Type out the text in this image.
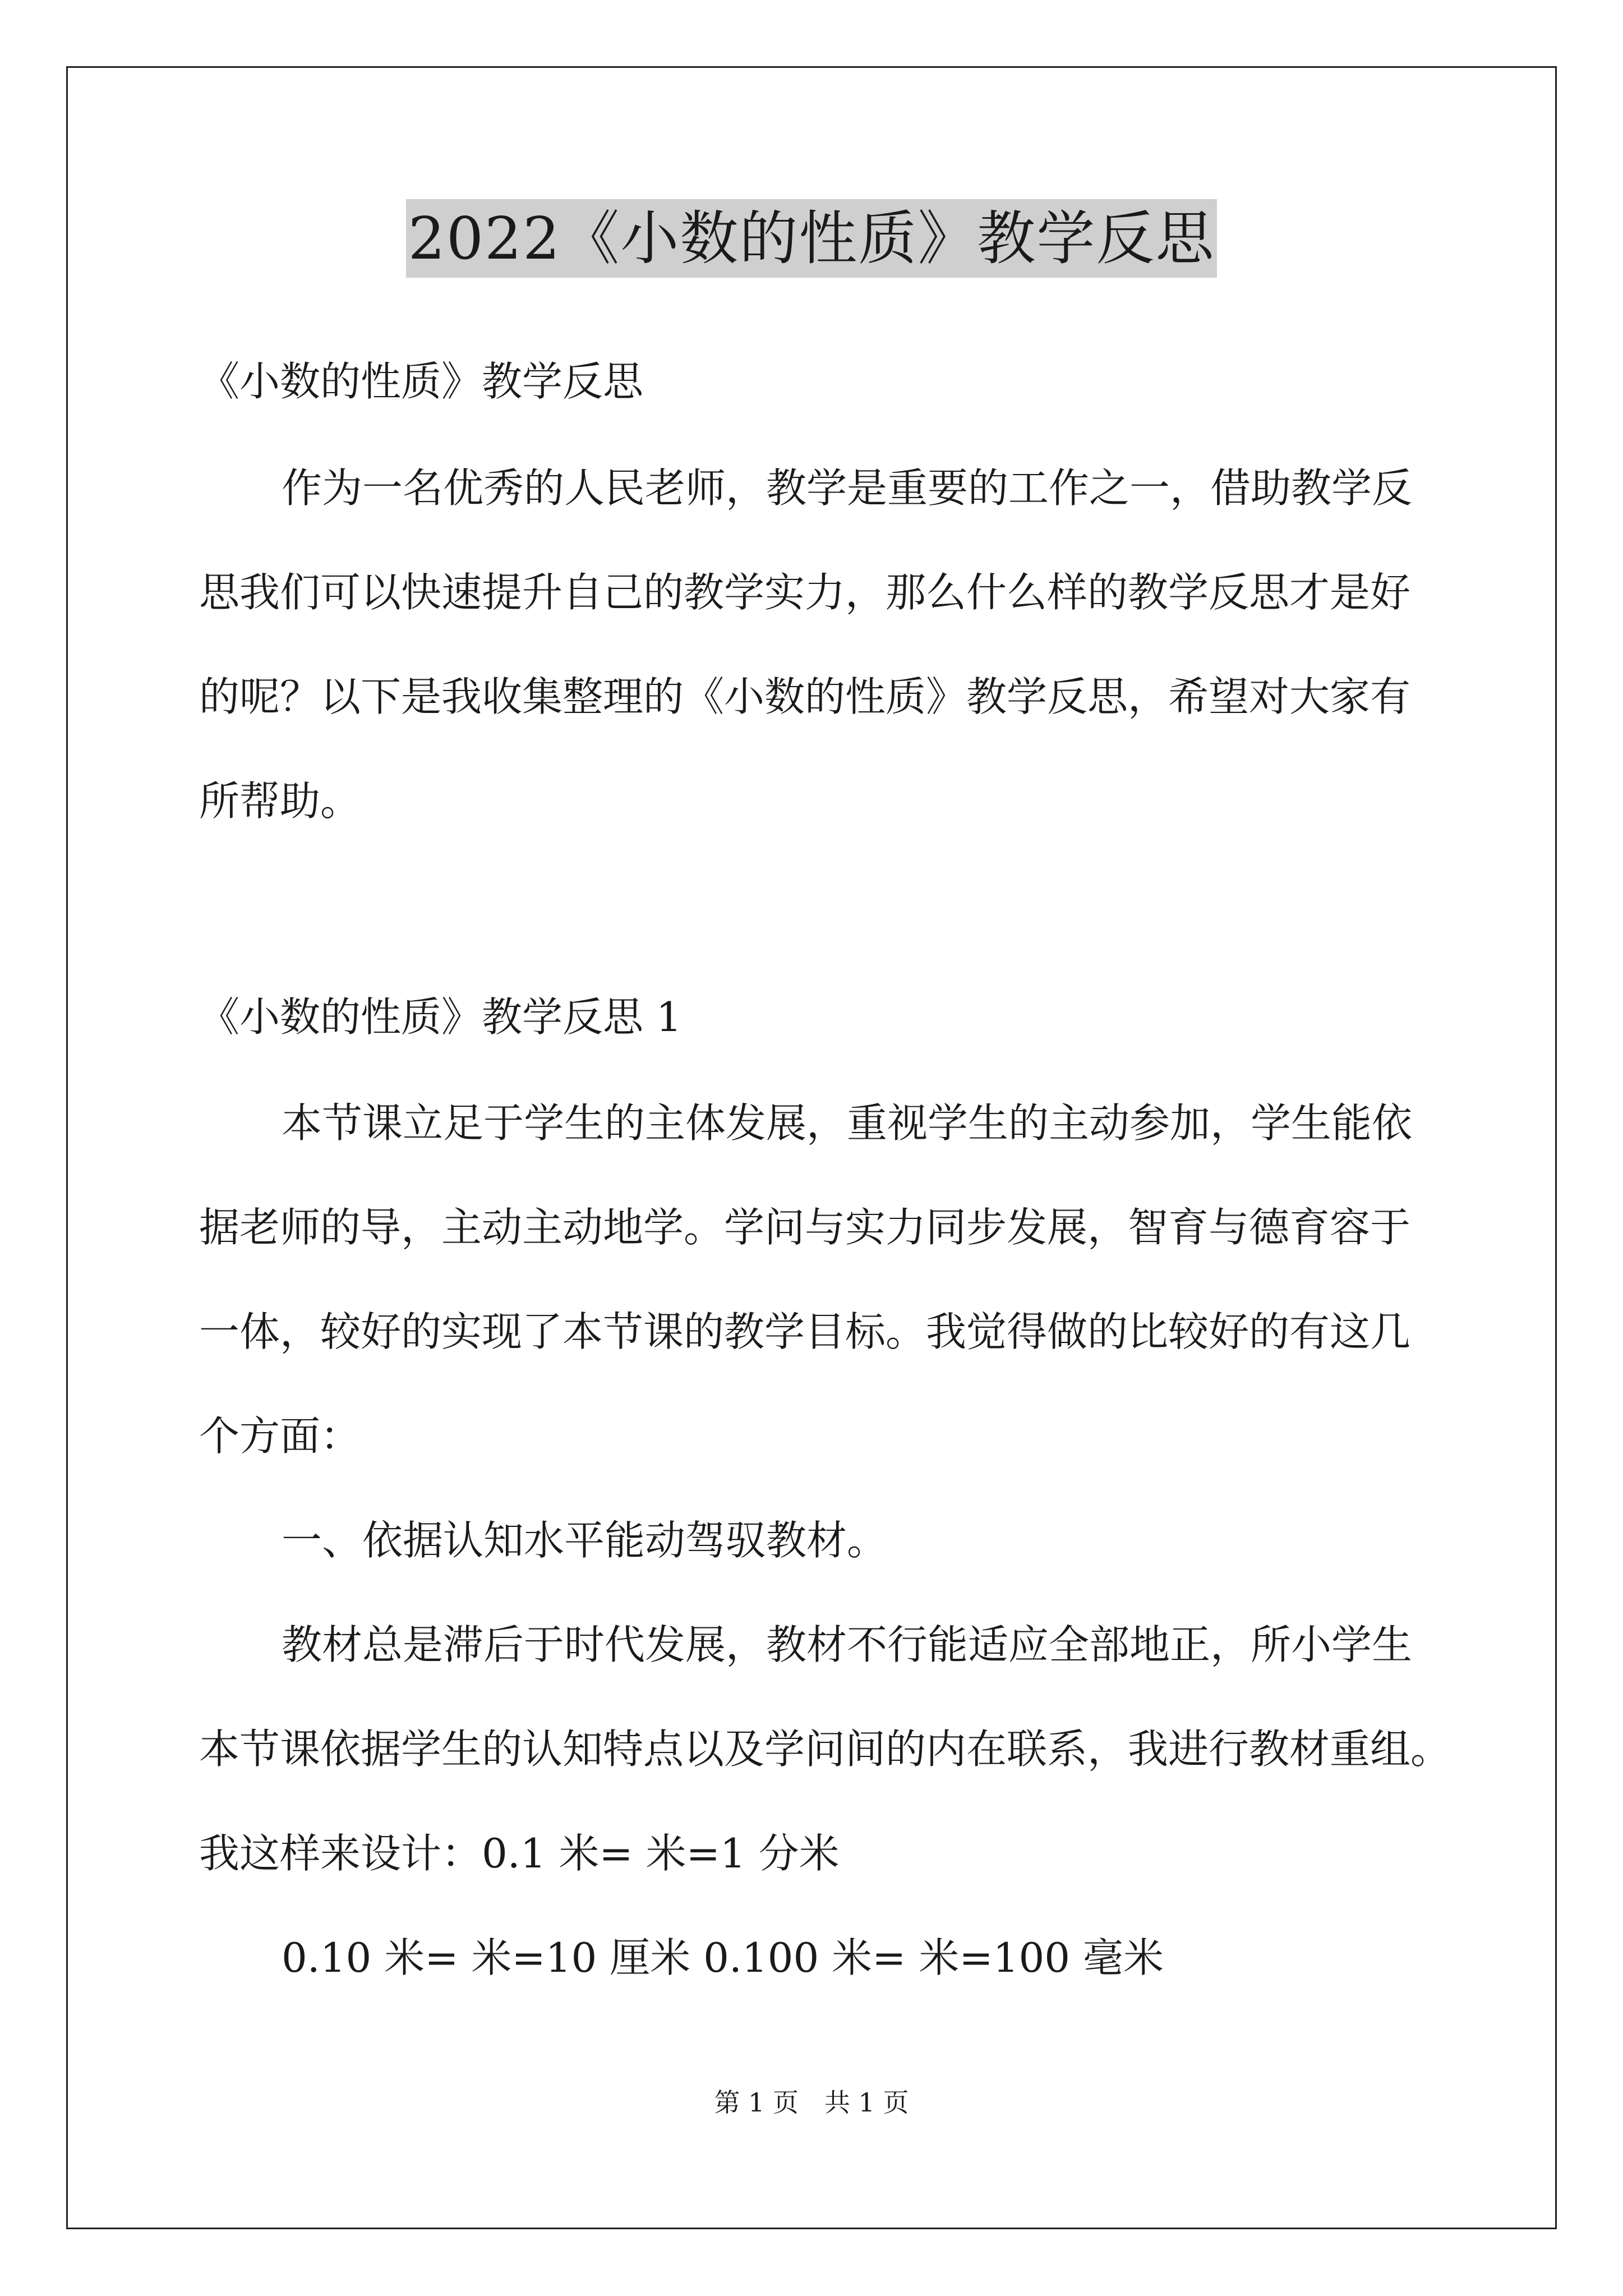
2022《小数的性质》教学反思
《小数的性质》教学反思
作为一名优秀的人民老师，教学是重要的工作之一，借助教学反
思我们可以快速提升自己的教学实力，那么什么样的教学反思才是好
的呢？以下是我收集整理的《小数的性质》教学反思，希望对大家有
所帮助。
《小数的性质》教学反思 1
本节课立足于学生的主体发展，重视学生的主动参加，学生能依
据老师的导，主动主动地学。学问与实力同步发展，智育与德育容于
一体，较好的实现了本节课的教学目标。我觉得做的比较好的有这几
个方面：
一、依据认知水平能动驾驭教材。
教材总是滞后于时代发展，教材不行能适应全部地正，所小学生
本节课依据学生的认知特点以及学问间的内在联系，我进行教材重组。
我这样来设计：0.1 米= 米=1 分米
0.10 米= 米=10 厘米 0.100 米= 米=100 毫米
第 1 页　共 1 页
